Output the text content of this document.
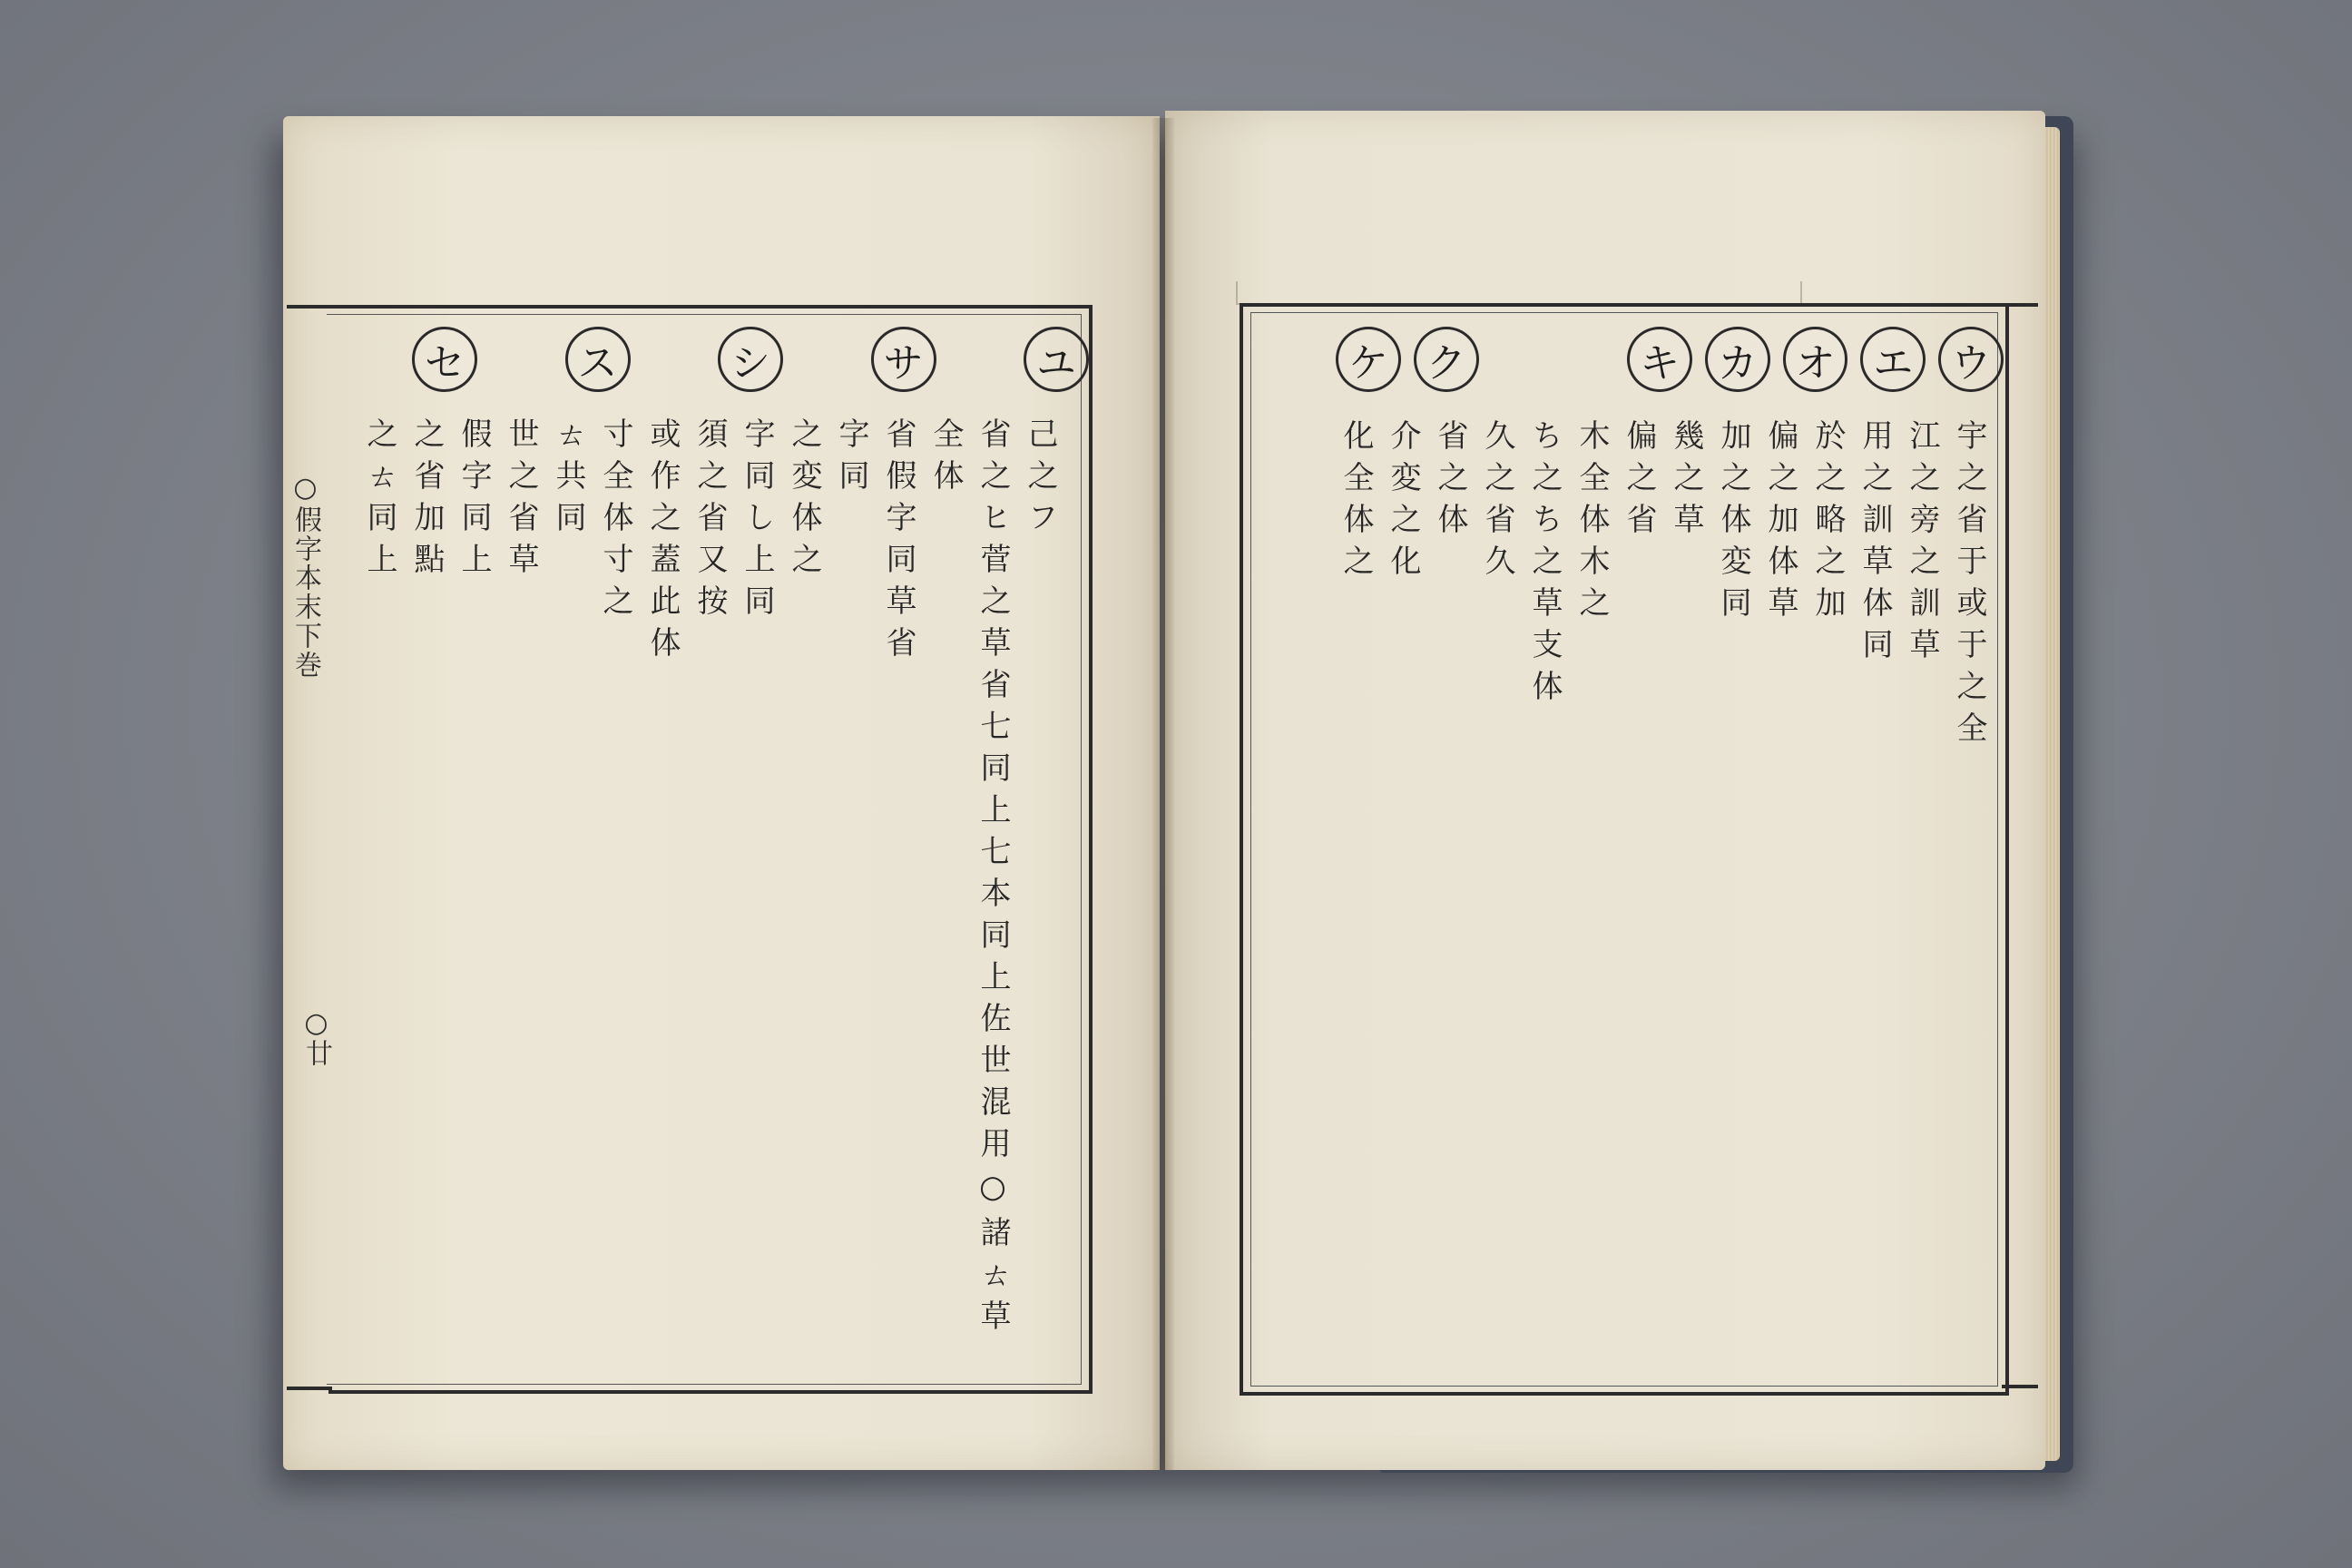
○假字本末下巻
○廿
ユ
サ
シ
ス
セ
己之フ
省之ヒ菅之草省七同上七本同上佐世混用○諸ㄊ草全体
省假字同草省
字同
之変体之
字同し上同
須之省又按
或作之蓋此体
寸全体寸之
ㄊ共同
世之省草
假字同上
之省加點
之ㄊ同上
ウ
エ
オ
カ
キ
ク
ケ
宇之省于或于之全
江之旁之訓草
用之訓草体同
於之略之加
偏之加体草
加之体変同
幾之草
偏之省
木全体木之
ち之ち之草支体
久之省久
省之体
介変之化
化全体之
